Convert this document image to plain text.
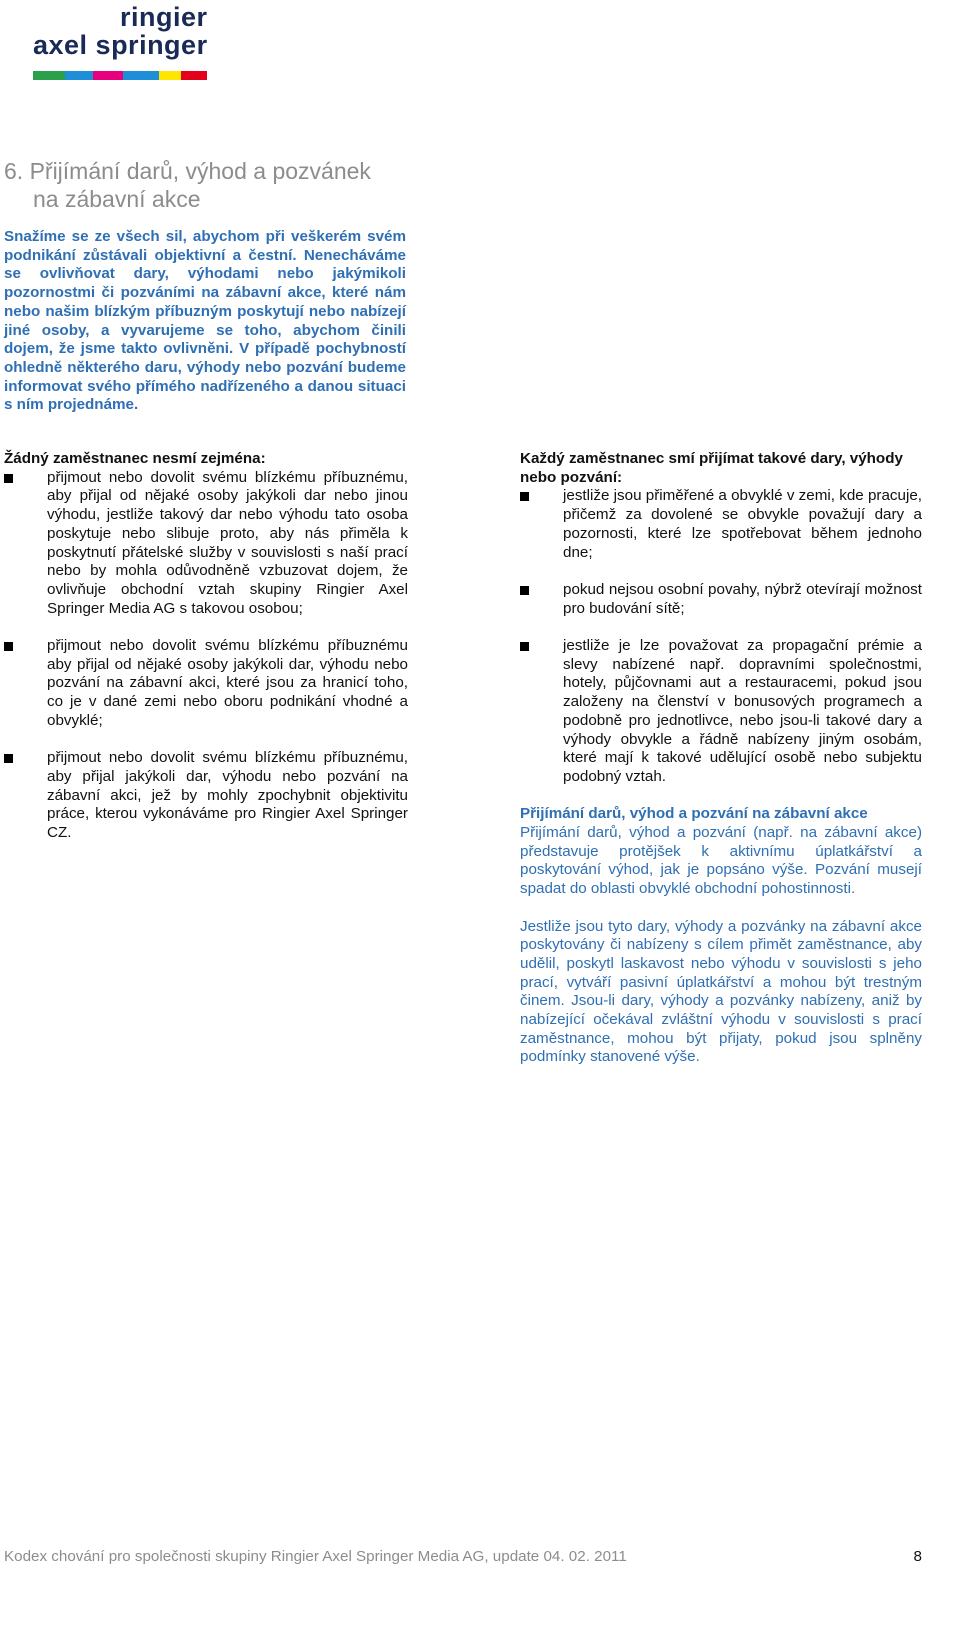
ringier
axel springer
6. Přijímání darů, výhod a pozvánek
na zábavní akce

Snažíme se ze všech sil, abychom při veškerém svém podnikání zůstávali objektivní a čestní. Nenecháváme se ovlivňovat dary, výhodami nebo jakýmikoli pozornostmi či pozváními na zábavní akce, které nám nebo našim blízkým příbuzným poskytují nebo nabízejí jiné osoby, a vyvarujeme se toho, abychom činili dojem, že jsme takto ovlivněni. V případě pochybností ohledně některého daru, výhody nebo pozvání budeme informovat svého přímého nadřízeného a danou situaci s ním projednáme.

Žádný zaměstnanec nesmí zejména:

přijmout nebo dovolit svému blízkému příbuznému, aby přijal od nějaké osoby jakýkoli dar nebo jinou výhodu, jestliže takový dar nebo výhodu tato osoba poskytuje nebo slibuje proto, aby nás přiměla k poskytnutí přátelské služby v souvislosti s naší prací nebo by mohla odůvodněně vzbuzovat dojem, že ovlivňuje obchodní vztah skupiny Ringier Axel Springer Media AG s takovou osobou;
přijmout nebo dovolit svému blízkému příbuznému aby přijal od nějaké osoby jakýkoli dar, výhodu nebo pozvání na zábavní akci, které jsou za hranicí toho, co je v dané zemi nebo oboru podnikání vhodné a obvyklé;
přijmout nebo dovolit svému blízkému příbuznému, aby přijal jakýkoli dar, výhodu nebo pozvání na zábavní akci, jež by mohly zpochybnit objektivitu práce, kterou vykonáváme pro Ringier Axel Springer CZ.

Každý zaměstnanec smí přijímat takové dary, výhody nebo pozvání:

jestliže jsou přiměřené a obvyklé v zemi, kde pracuje, přičemž za dovolené se obvykle považují dary a pozornosti, které lze spotřebovat během jednoho dne;
pokud nejsou osobní povahy, nýbrž otevírají možnost pro budování sítě;
jestliže je lze považovat za propagační prémie a slevy nabízené např. dopravními společnostmi, hotely, půjčovnami aut a restauracemi, pokud jsou založeny na členství v bonusových programech a podobně pro jednotlivce, nebo jsou-li takové dary a výhody obvykle a řádně nabízeny jiným osobám, které mají k takové udělující osobě nebo subjektu podobný vztah.

Přijímání darů, výhod a pozvání na zábavní akce

Přijímání darů, výhod a pozvání (např. na zábavní akce) představuje protějšek k aktivnímu úplatkářství a poskytování výhod, jak je popsáno výše. Pozvání musejí spadat do oblasti obvyklé obchodní pohostinnosti.

Jestliže jsou tyto dary, výhody a pozvánky na zábavní akce poskytovány či nabízeny s cílem přimět zaměstnance, aby udělil, poskytl laskavost nebo výhodu v souvislosti s jeho prací, vytváří pasivní úplatkářství a mohou být trestným činem. Jsou-li dary, výhody a pozvánky nabízeny, aniž by nabízející očekával zvláštní výhodu v souvislosti s prací zaměstnance, mohou být přijaty, pokud jsou splněny podmínky stanovené výše.

Kodex chování pro společnosti skupiny Ringier Axel Springer Media AG, update 04. 02. 2011	8
